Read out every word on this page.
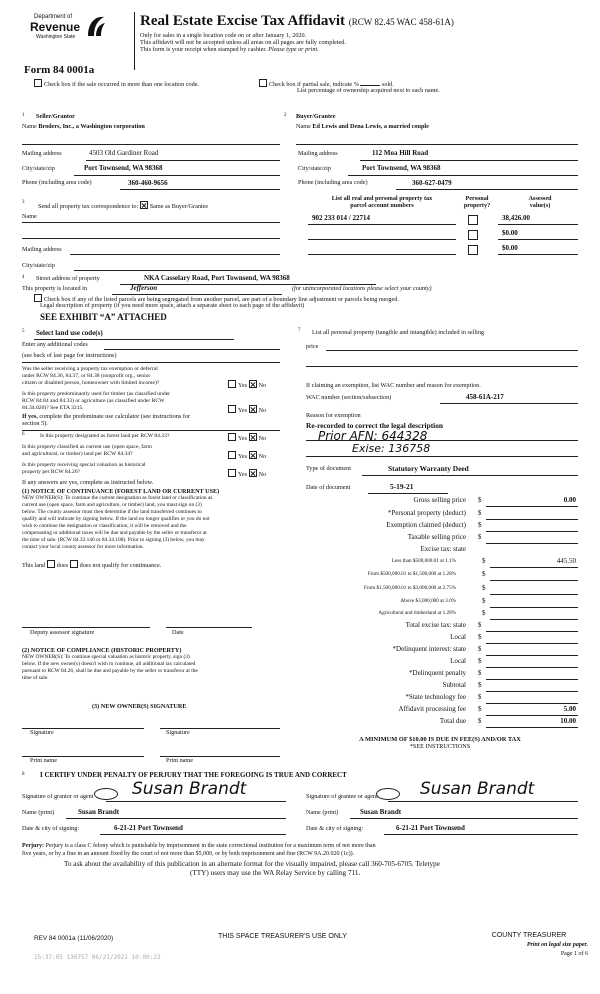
Department of
Revenue
Washington State
Real Estate Excise Tax Affidavit (RCW 82.45 WAC 458-61A)
Only for sales in a single location code on or after January 1, 2020.
This affidavit will not be accepted unless all areas on all pages are fully completed.
This form is your receipt when stamped by cashier. Please type or print.
Form 84 0001a
Check box if the sale occurred in more than one location code.	Check box if partial sale, indicate %	sold.
List percentage of ownership acquired next to each name.
1 Seller/Grantor
Name Broders, Inc., a Washington corporation
Mailing address	4503 Old Gardiner Road
City/state/zip	Port Townsend, WA 98368
Phone (including area code)	360-460-9656
2 Buyer/Grantee
Name Ed Lewis and Dena Lewis, a married couple
Mailing address	112 Moa Hill Road
City/state/zip	Port Townsend, WA 98368
Phone (including area code)	360-627-0479
3
Send all property tax correspondence to: Same as Buyer/Grantee
Name
Mailing address
City/state/zip
List all real and personal property tax
parcel account numbers
Personal
property?
Assessed
value(s)
902 233 014 / 22714	38,426.00
$0.00
$0.00
4 Street address of property	NKA Casselary Road, Port Townsend, WA 98368
This property is located in	Jefferson	(for unincorporated locations please select your county)
Check box if any of the listed parcels are being segregated from another parcel, are part of a boundary line adjustment or parcels being merged.
Legal description of property (if you need more space, attach a separate sheet to each page of the affidavit)
SEE EXHIBIT “A” ATTACHED
5 Select land use code(s)
Enter any additional codes
(see back of last page for instructions)
Was the seller receiving a property tax exemption or deferral
under RCW 84.36, 84.37, or 84.38 (nonprofit org., senior
citizen or disabled person, homeowner with limited income)?	Yes No
Is this property predominantly used for timber (as classified under
RCW 84.84 and 84.33) or agriculture (as classified under RCW
84.34.020)? See ETA 3215.	Yes No
If yes, complete the predominate use calculator (see instructions for
section 5).
6	Is this property designated as forest land per RCW 84.33?	Yes No
Is this property classified as current use (open space, farm
and agricultural, or timber) land per RCW 84.34?	Yes No
Is this property receiving special valuation as historical
property per RCW 84.26?	Yes No
If any answers are yes, complete as instructed below.
(1) NOTICE OF CONTINUANCE (FOREST LAND OR CURRENT USE)
NEW OWNER(S): To continue the current designation as forest land or classification as
current use (open space, farm and agriculture, or timber) land, you must sign on (3)
below. The county assessor must then determine if the land transferred continues to
qualify and will indicate by signing below. If the land no longer qualifies or you do not
wish to continue the designation or classification, it will be removed and the
compensating or additional taxes will be due and payable by the seller or transferor at
the time of sale. (RCW 84.33.140 or 84.34.108). Prior to signing (3) below, you may
contact your local county assessor for more information.
This land does does not qualify for continuance.
Deputy assessor signature	Date
(2) NOTICE OF COMPLIANCE (HISTORIC PROPERTY)
NEW OWNER(S): To continue special valuation as historic property, sign (3)
below. If the new owner(s) doesn't wish to continue, all additional tax calculated
pursuant to RCW 84.26, shall be due and payable by the seller or transferor at the
time of sale.
(3) NEW OWNER(S) SIGNATURE
Signature	Signature
Print name	Print name
7 List all personal property (tangible and intangible) included in selling
price
If claiming an exemption, list WAC number and reason for exemption.
WAC number (section/subsection)	458-61A-217
Reason for exemption
Re-recorded to correct the legal description
Prior AFN: 644328
Exise: 136758
Type of document	Statutory Warranty Deed
Date of document	5-19-21
Gross selling price $	0.00
*Personal property (deduct) $
Exemption claimed (deduct) $
Taxable selling price $
Excise tax: state
Less than $500,000.01 at 1.1%	$	445.50
From $500,000.01 to $1,500,000 at 1.28%	$
From $1,500,000.01 to $3,000,000 at 2.75%	$
Above $3,000,000 at 3.0%	$
Agricultural and timberland at 1.28%	$
Total excise tax: state $
Local $
*Delinquent interest: state $
Local $
*Delinquent penalty $
Subtotal $
*State technology fee $
Affidavit processing fee $	5.00
Total due $	10.00
A MINIMUM OF $10.00 IS DUE IN FEE(S) AND/OR TAX
*SEE INSTRUCTIONS
8 I CERTIFY UNDER PENALTY OF PERJURY THAT THE FOREGOING IS TRUE AND CORRECT
Signature of grantor or agent Susan Brandt
Name (print)	Susan Brandt
Date & city of signing:	6-21-21 Port Townsend
Signature of grantee or agent Susan Brandt
Name (print)	Susan Brandt
Date & city of signing:	6-21-21 Port Townsend
Perjury: Perjury is a class C felony which is punishable by imprisonment in the state correctional institution for a maximum term of not more than
five years, or by a fine in an amount fixed by the court of not more than $5,000, or by both imprisonment and fine (RCW 9A.20.020 (1c)).
To ask about the availability of this publication in an alternate format for the visually impaired, please call 360-705-6705. Teletype
(TTY) users may use the WA Relay Service by calling 711.
REV 84 0001a (11/06/2020)	THIS SPACE TREASURER'S USE ONLY	COUNTY TREASURER
Print on legal size paper.
Page 1 of 6
15:37:05 136757 06/21/2021 10:00:23
